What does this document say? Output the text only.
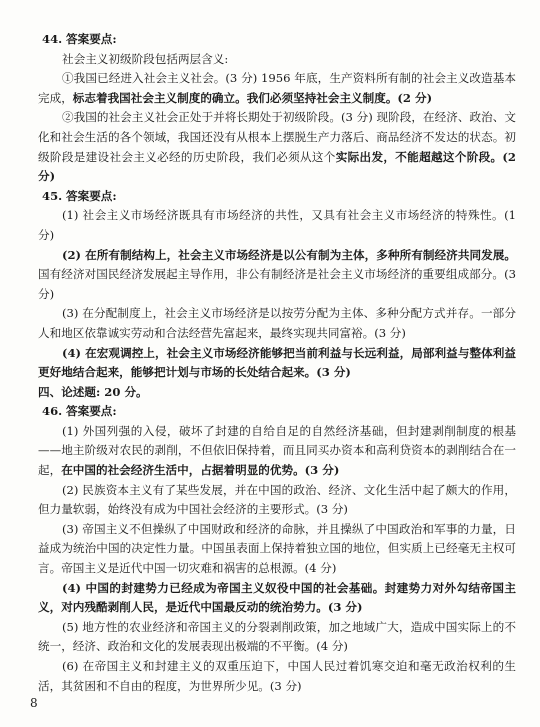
44. 答案要点:

社会主义初级阶段包括两层含义:

①我国已经进入社会主义社会。(3 分) 1956 年底，生产资料所有制的社会主义改造基本完成，标志着我国社会主义制度的确立。我们必须坚持社会主义制度。(2 分)

②我国的社会主义社会正处于并将长期处于初级阶段。(3 分) 现阶段，在经济、政治、文化和社会生活的各个领域，我国还没有从根本上摆脱生产力落后、商品经济不发达的状态。初级阶段是建设社会主义必经的历史阶段，我们必须从这个实际出发，不能超越这个阶段。(2 分)

45. 答案要点:

(1) 社会主义市场经济既具有市场经济的共性，又具有社会主义市场经济的特殊性。(1 分)

(2) 在所有制结构上，社会主义市场经济是以公有制为主体，多种所有制经济共同发展。国有经济对国民经济发展起主导作用，非公有制经济是社会主义市场经济的重要组成部分。(3 分)

(3) 在分配制度上，社会主义市场经济是以按劳分配为主体、多种分配方式并存。一部分人和地区依靠诚实劳动和合法经营先富起来，最终实现共同富裕。(3 分)

(4) 在宏观调控上，社会主义市场经济能够把当前利益与长远利益，局部利益与整体利益更好地结合起来，能够把计划与市场的长处结合起来。(3 分)

四、论述题: 20 分。
46. 答案要点:

(1) 外国列强的入侵，破坏了封建的自给自足的自然经济基础，但封建剥削制度的根基——地主阶级对农民的剥削，不但依旧保持着，而且同买办资本和高利贷资本的剥削结合在一起，在中国的社会经济生活中，占据着明显的优势。(3 分)

(2) 民族资本主义有了某些发展，并在中国的政治、经济、文化生活中起了颇大的作用，但力量软弱，始终没有成为中国社会经济的主要形式。(3 分)

(3) 帝国主义不但操纵了中国财政和经济的命脉，并且操纵了中国政治和军事的力量，日益成为统治中国的决定性力量。中国虽表面上保持着独立国的地位，但实质上已经毫无主权可言。帝国主义是近代中国一切灾难和祸害的总根源。(4 分)

(4) 中国的封建势力已经成为帝国主义奴役中国的社会基础。封建势力对外勾结帝国主义，对内残酷剥削人民，是近代中国最反动的统治势力。(3 分)

(5) 地方性的农业经济和帝国主义的分裂剥削政策，加之地域广大，造成中国实际上的不统一，经济、政治和文化的发展表现出极端的不平衡。(4 分)

(6) 在帝国主义和封建主义的双重压迫下，中国人民过着饥寒交迫和毫无政治权利的生活，其贫困和不自由的程度，为世界所少见。(3 分)

8
